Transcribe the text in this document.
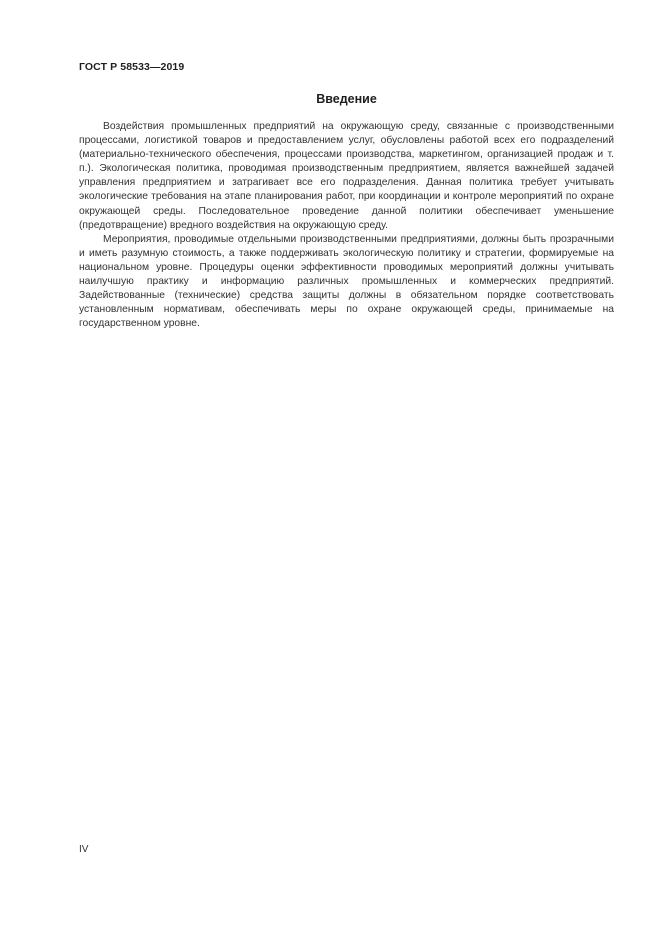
ГОСТ Р 58533—2019
Введение

Воздействия промышленных предприятий на окружающую среду, связанные с производственными процессами, логистикой товаров и предоставлением услуг, обусловлены работой всех его подразделений (материально-технического обеспечения, процессами производства, маркетингом, организацией продаж и т. п.). Экологическая политика, проводимая производственным предприятием, является важнейшей задачей управления предприятием и затрагивает все его подразделения. Данная политика требует учитывать экологические требования на этапе планирования работ, при координации и контроле мероприятий по охране окружающей среды. Последовательное проведение данной политики обеспечивает уменьшение (предотвращение) вредного воздействия на окружающую среду.

Мероприятия, проводимые отдельными производственными предприятиями, должны быть прозрачными и иметь разумную стоимость, а также поддерживать экологическую политику и стратегии, формируемые на национальном уровне. Процедуры оценки эффективности проводимых мероприятий должны учитывать наилучшую практику и информацию различных промышленных и коммерческих предприятий. Задействованные (технические) средства защиты должны в обязательном порядке соответствовать установленным нормативам, обеспечивать меры по охране окружающей среды, принимаемые на государственном уровне.

IV
